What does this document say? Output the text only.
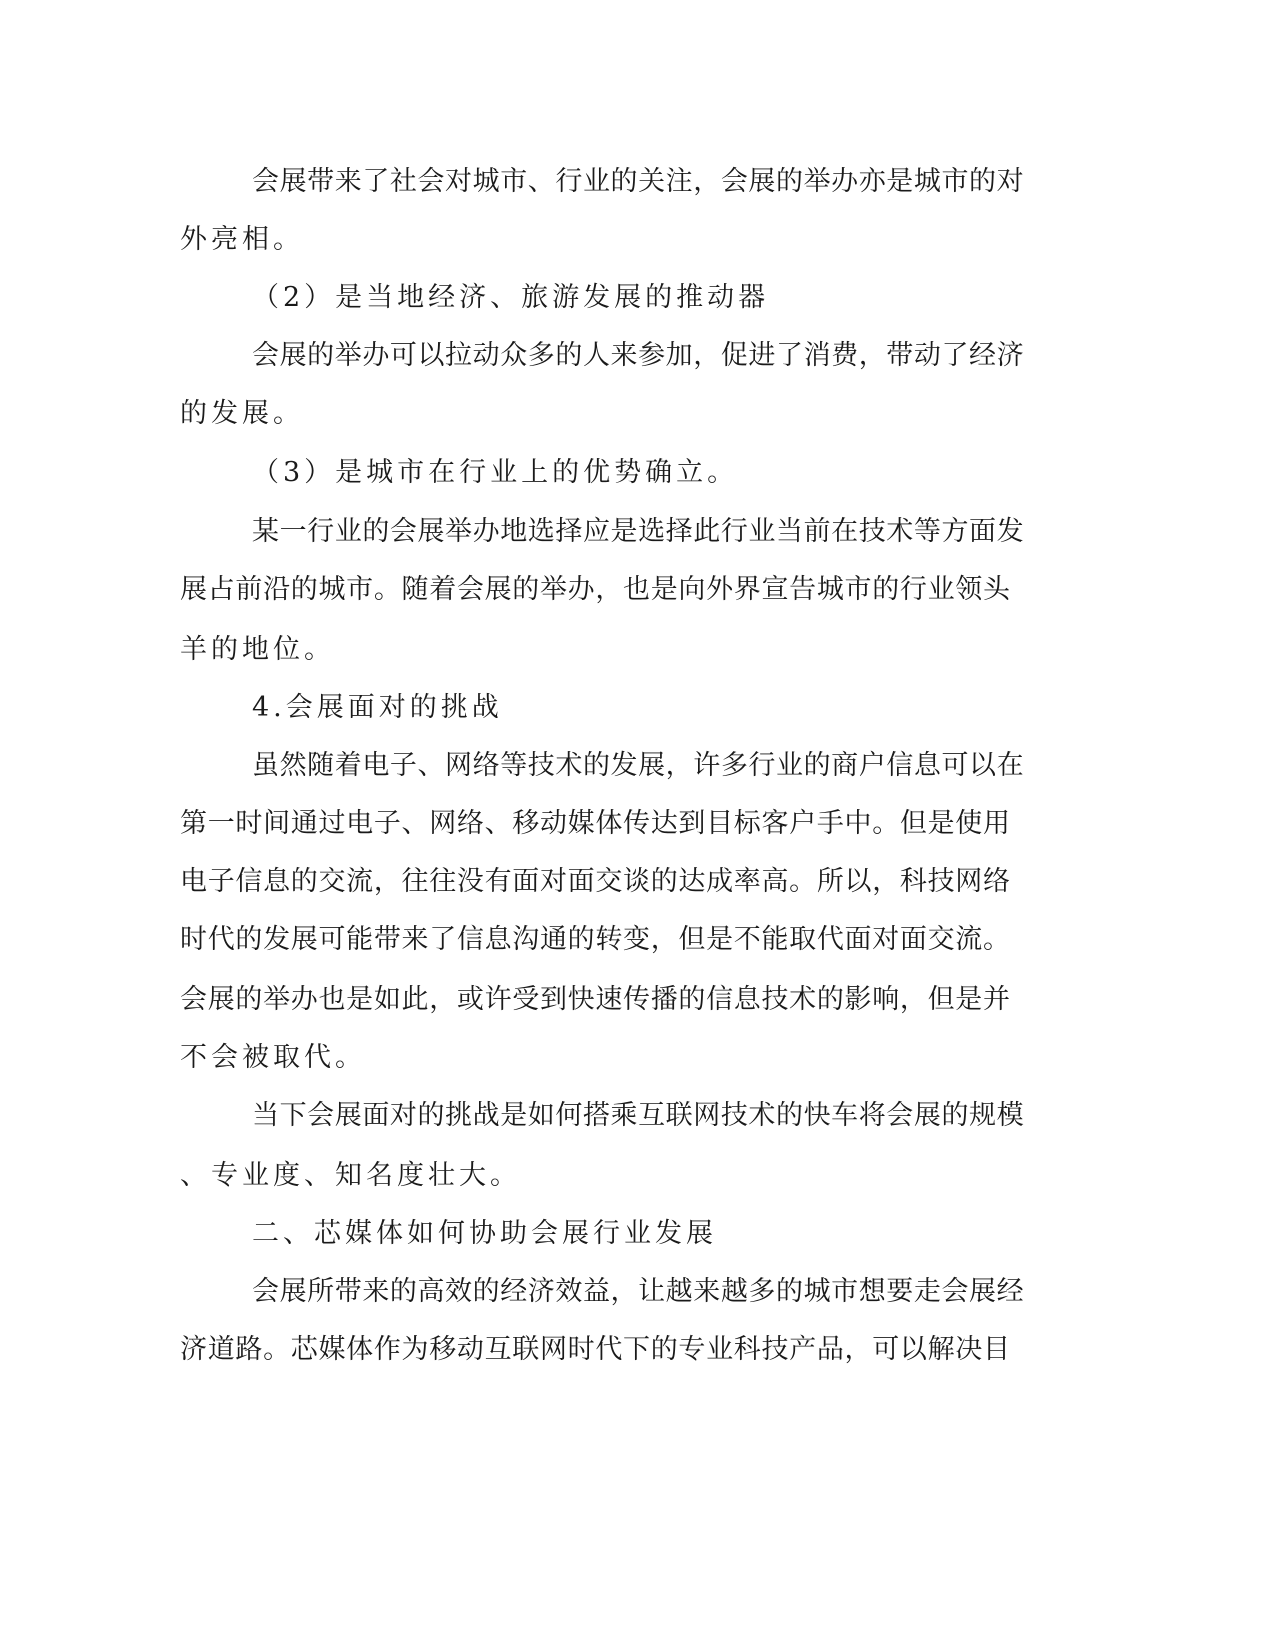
会 展 带 来 了 社 会 对 城 市 、 行 业 的 关 注 ， 会 展 的 举 办 亦 是 城 市 的 对

外亮相。

（2）是当地经济、旅游发展的推动器

会 展 的 举 办 可 以 拉 动 众 多 的 人 来 参 加 ， 促 进 了 消 费 ， 带 动 了 经 济

的发展。

（3）是城市在行业上的优势确立。

某 一 行 业 的 会 展 举 办 地 选 择 应 是 选 择 此 行 业 当 前 在 技 术 等 方 面 发

展 占 前 沿 的 城 市 。 随 着 会 展 的 举 办 ， 也 是 向 外 界 宣 告 城 市 的 行 业 领 头

羊的地位。

4.会展面对的挑战

虽 然 随 着 电 子 、 网 络 等 技 术 的 发 展 ， 许 多 行 业 的 商 户 信 息 可 以 在

第 一 时 间 通 过 电 子 、 网 络 、 移 动 媒 体 传 达 到 目 标 客 户 手 中 。 但 是 使 用

电 子 信 息 的 交 流 ， 往 往 没 有 面 对 面 交 谈 的 达 成 率 高 。 所 以 ， 科 技 网 络

时 代 的 发 展 可 能 带 来 了 信 息 沟 通 的 转 变 ， 但 是 不 能 取 代 面 对 面 交 流 。

会 展 的 举 办 也 是 如 此 ， 或 许 受 到 快 速 传 播 的 信 息 技 术 的 影 响 ， 但 是 并

不会被取代。

当 下 会 展 面 对 的 挑 战 是 如 何 搭 乘 互 联 网 技 术 的 快 车 将 会 展 的 规 模

、专业度、知名度壮大。

二、芯媒体如何协助会展行业发展

会 展 所 带 来 的 高 效 的 经 济 效 益 ， 让 越 来 越 多 的 城 市 想 要 走 会 展 经

济 道 路 。 芯 媒 体 作 为 移 动 互 联 网 时 代 下 的 专 业 科 技 产 品 ， 可 以 解 决 目
